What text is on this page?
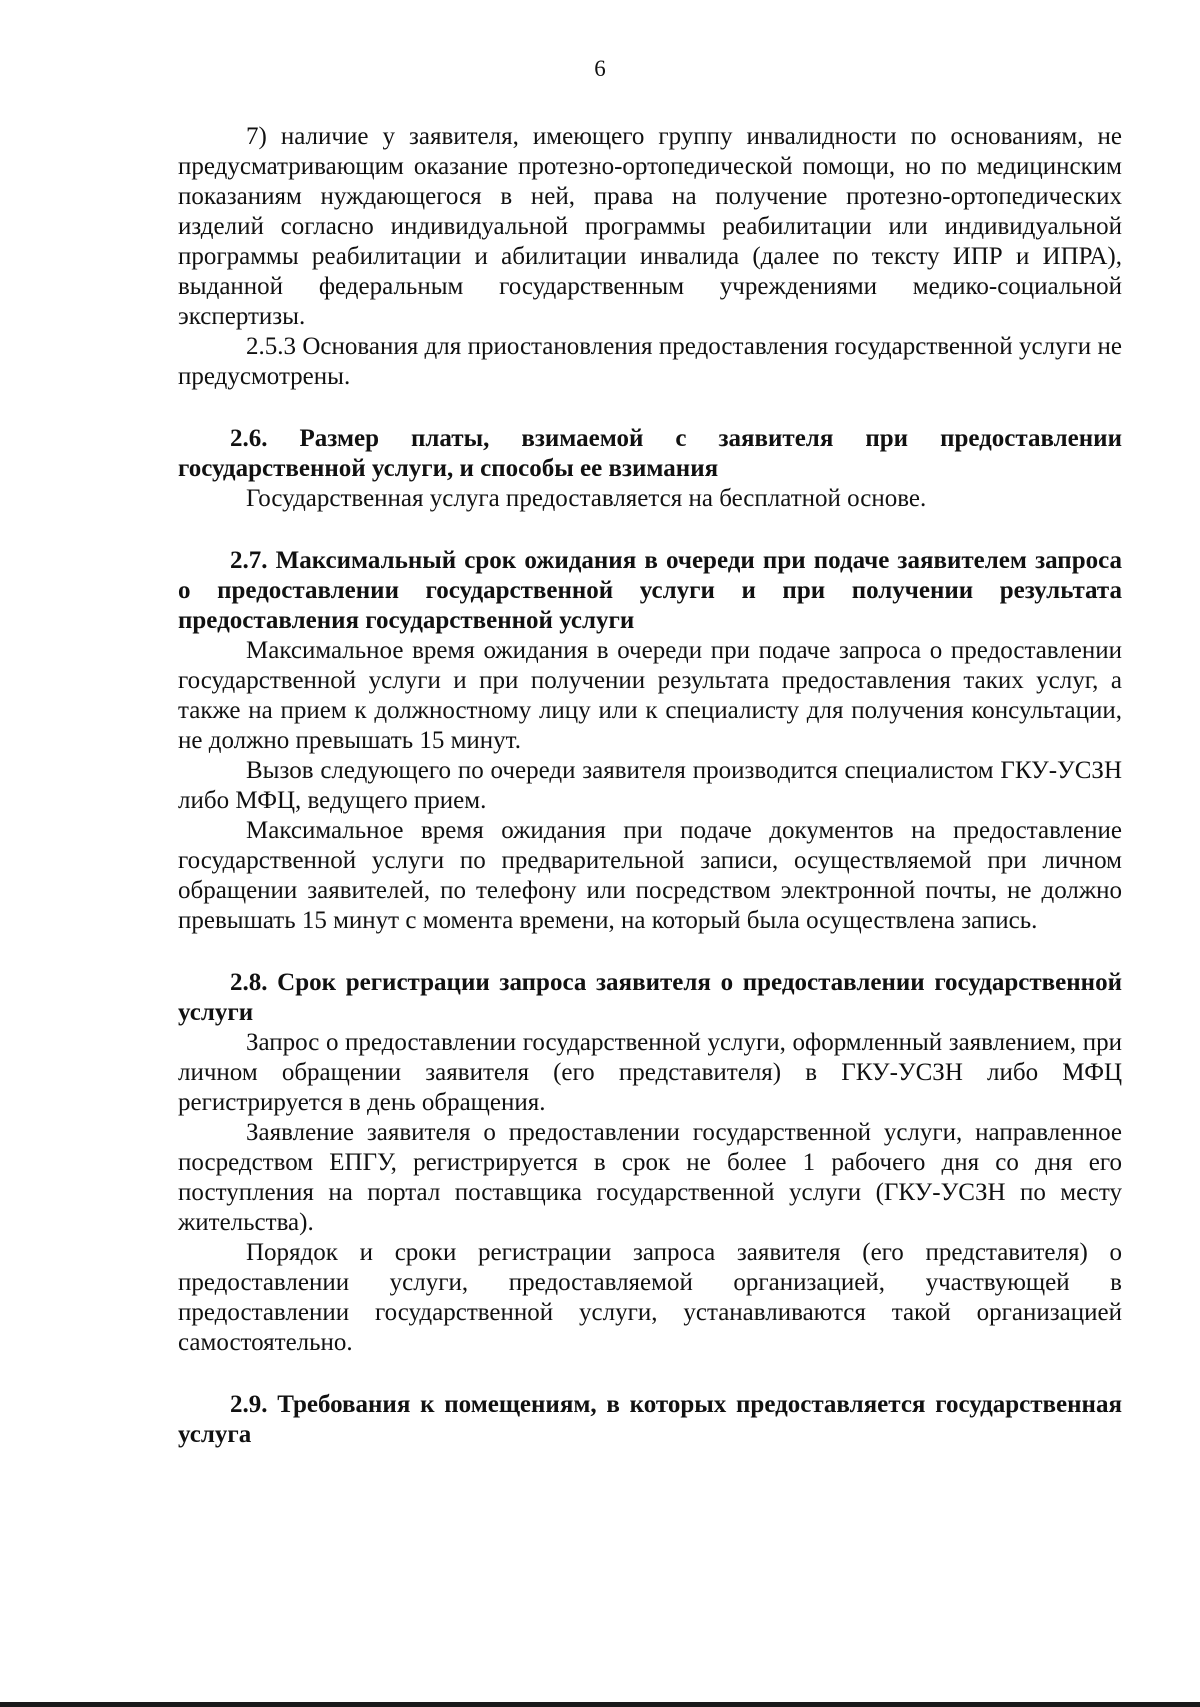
6

7) наличие у заявителя, имеющего группу инвалидности по основаниям, не предусматривающим оказание протезно-ортопедической помощи, но по медицинским показаниям нуждающегося в ней, права на получение протезно-ортопедических изделий согласно индивидуальной программы реабилитации или индивидуальной программы реабилитации и абилитации инвалида (далее по тексту ИПР и ИПРА), выданной федеральным государственным учреждениями медико-социальной экспертизы.

2.5.3 Основания для приостановления предоставления государственной услуги не предусмотрены.

2.6. Размер платы, взимаемой с заявителя при предоставлении государственной услуги, и способы ее взимания

Государственная услуга предоставляется на бесплатной основе.

2.7. Максимальный срок ожидания в очереди при подаче заявителем запроса о предоставлении государственной услуги и при получении результата предоставления государственной услуги

Максимальное время ожидания в очереди при подаче запроса о предоставлении государственной услуги и при получении результата предоставления таких услуг, а также на прием к должностному лицу или к специалисту для получения консультации, не должно превышать 15 минут.

Вызов следующего по очереди заявителя производится специалистом ГКУ-УСЗН либо МФЦ, ведущего прием.

Максимальное время ожидания при подаче документов на предоставление государственной услуги по предварительной записи, осуществляемой при личном обращении заявителей, по телефону или посредством электронной почты, не должно превышать 15 минут с момента времени, на который была осуществлена запись.

2.8. Срок регистрации запроса заявителя о предоставлении государственной услуги

Запрос о предоставлении государственной услуги, оформленный заявлением, при личном обращении заявителя (его представителя) в ГКУ-УСЗН либо МФЦ регистрируется в день обращения.

Заявление заявителя о предоставлении государственной услуги, направленное посредством ЕПГУ, регистрируется в срок не более 1 рабочего дня со дня его поступления на портал поставщика государственной услуги (ГКУ-УСЗН по месту жительства).

Порядок и сроки регистрации запроса заявителя (его представителя) о предоставлении услуги, предоставляемой организацией, участвующей в предоставлении государственной услуги, устанавливаются такой организацией самостоятельно.

2.9. Требования к помещениям, в которых предоставляется государственная услуга
